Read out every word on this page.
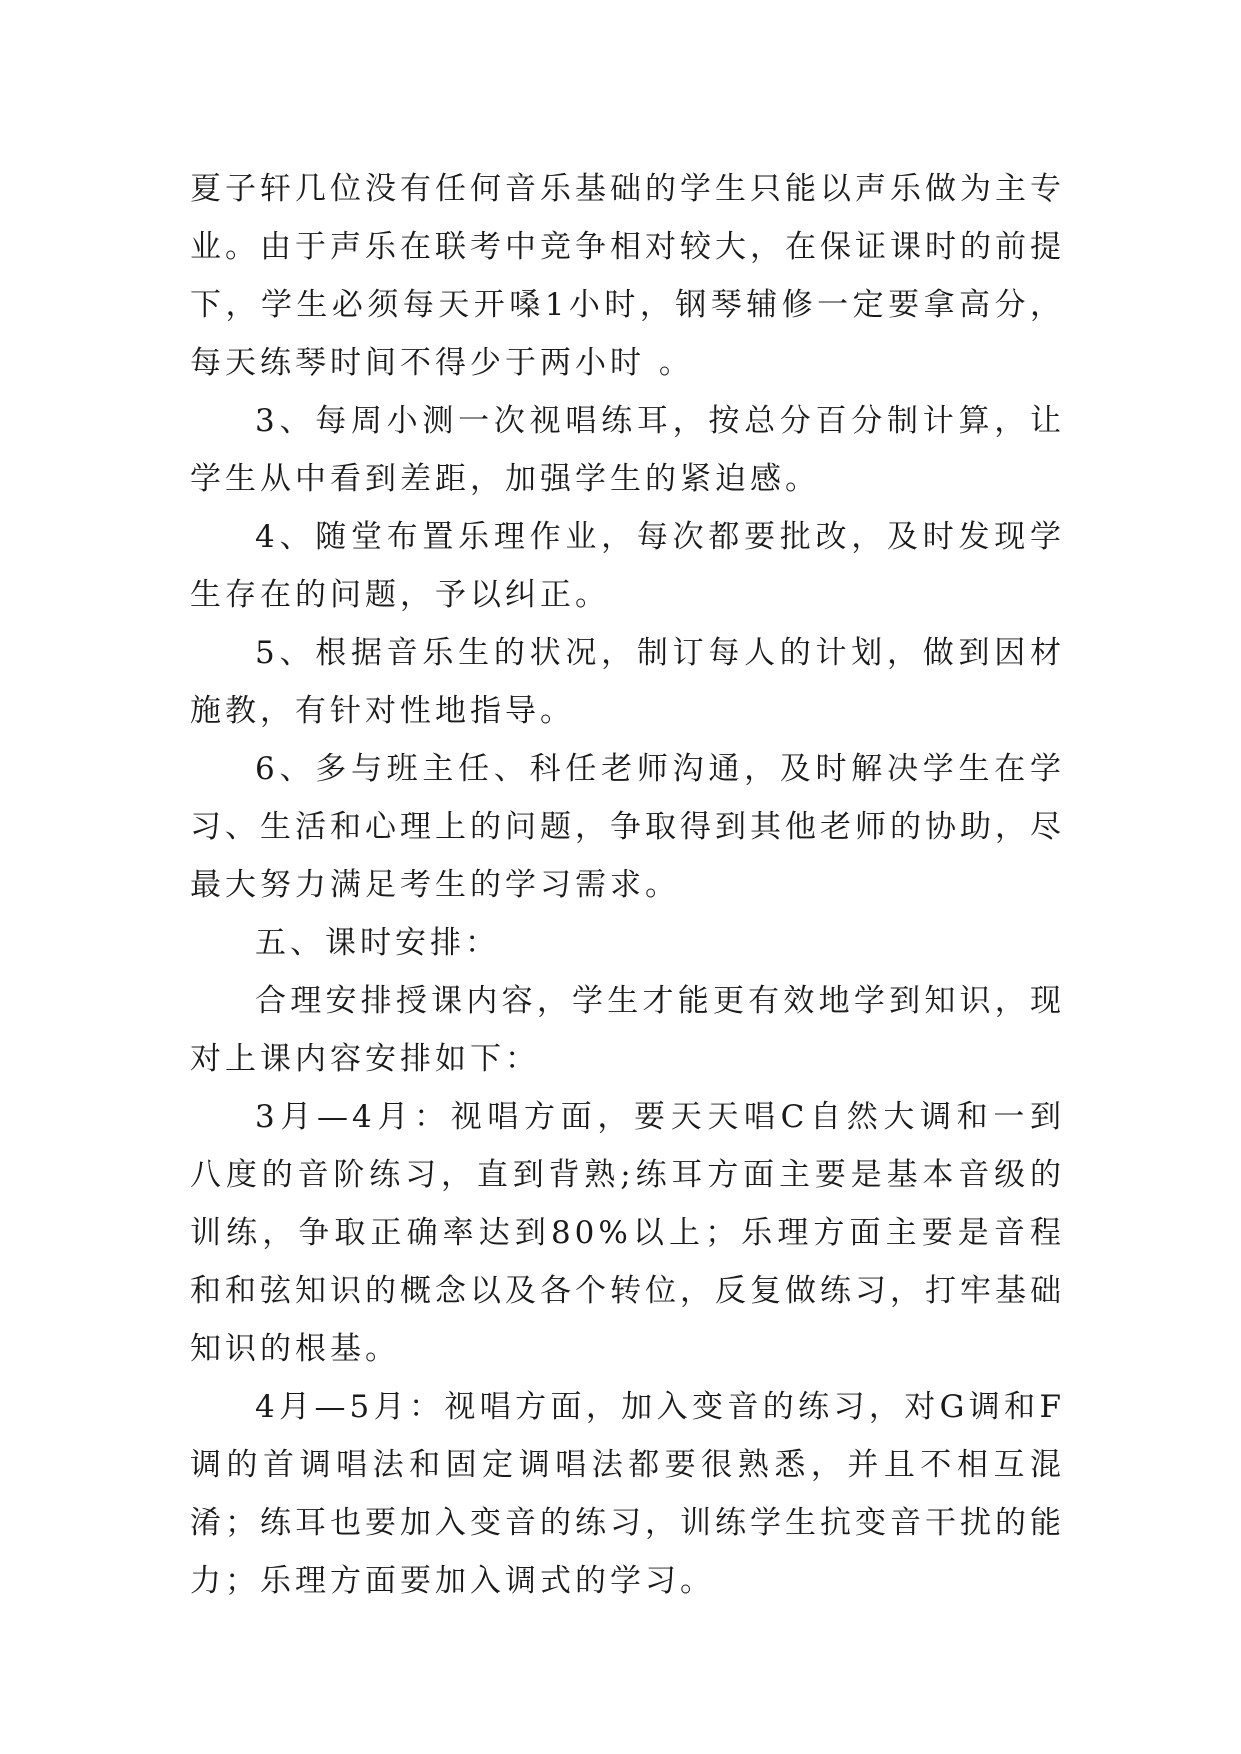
夏子轩几位没有任何音乐基础的学生只能以声乐做为主专业。由于声乐在联考中竞争相对较大，在保证课时的前提下，学生必须每天开嗓1小时，钢琴辅修一定要拿高分，每天练琴时间不得少于两小时 。

3、每周小测一次视唱练耳，按总分百分制计算，让学生从中看到差距，加强学生的紧迫感。

4、随堂布置乐理作业，每次都要批改，及时发现学生存在的问题，予以纠正。

5、根据音乐生的状况，制订每人的计划，做到因材施教，有针对性地指导。

6、多与班主任、科任老师沟通，及时解决学生在学习、生活和心理上的问题，争取得到其他老师的协助，尽最大努力满足考生的学习需求。

五、课时安排：

合理安排授课内容，学生才能更有效地学到知识，现对上课内容安排如下：

3月—4月：视唱方面，要天天唱C自然大调和一到八度的音阶练习，直到背熟;练耳方面主要是基本音级的训练，争取正确率达到80%以上；乐理方面主要是音程和和弦知识的概念以及各个转位，反复做练习，打牢基础知识的根基。

4月—5月：视唱方面，加入变音的练习，对G调和F调的首调唱法和固定调唱法都要很熟悉，并且不相互混淆；练耳也要加入变音的练习，训练学生抗变音干扰的能力；乐理方面要加入调式的学习。
